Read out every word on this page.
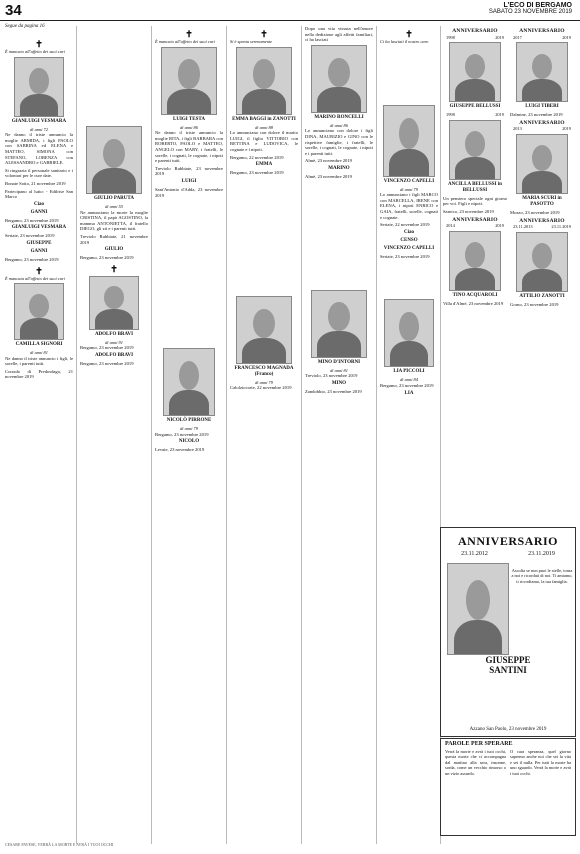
34	L'ECO DI BERGAMO
SABATO 23 NOVEMBRE 2019
Segue da pagina 16
✝

È mancato all'affetto dei suoi cari

GIANLUIGI VESMARA
di anni 72

Ne danno il triste annuncio la moglie ARMIDA, i figli PAOLO con SABRINA ed ELENA e MATTEO, SIMONA con STEFANO, LORENZA con ALESSANDRO e GABRIELE.

Si ringrazia il personale sanitario e i volontari per le cure date.

Bonate Sotto, 21 novembre 2019

Partecipano al lutto: - Edilrise San Marco

Ciao
GANNI

Bergamo, 23 novembre 2019

GIANLUIGI VESMARA

Seriate, 23 novembre 2019

GIUSEPPE
GANNI

Bergamo, 23 novembre 2019

✝

È mancata all'affetto dei suoi cari

CAMILLA SIGNORI
di anni 81

Ne danno il triste annuncio i figli, le sorelle, i parenti tutti.

Corrado di Predosdaga, 21 novembre 2019

GIULIO PARUTA
di anni 55

Ne annunciano la morte la moglie CRISTINA, il papà AGOSTINO, la mamma ANTONIETTA, il fratello DIEGO, gli zii e i parenti tutti.

Treviolo Rubbiate, 21 novembre 2019

GIULIO

Bergamo, 23 novembre 2019

✝
ADOLFO BRAVI
di anni 91

Bergamo, 23 novembre 2019

ADOLFO BRAVI

Bergamo, 23 novembre 2019

✝

È mancato all'affetto dei suoi cari

LUIGI TESTA
di anni 86

Ne danno il triste annuncio la moglie RITA, i figli BARBARA con ROBERTO, PAOLO e MATTEO, ANGELO con MARY, i fratelli, le sorelle, i cognati, le cognate, i nipoti e parenti tutti.

Treviolo Rubbiate, 23 novembre 2019

LUIGI

Sant'Antonio d'Adda, 23 novembre 2019

NICOLÒ PIRRONE
di anni 79

Bergamo, 23 novembre 2019

NICOLO

Levate, 23 novembre 2019

✝

Si è spenta serenamente

EMMA BAGGI in ZANOTTI
di anni 88

Lo annunciano con dolore il marito LUIGI, il figlio VITTORIO con BETTINA e LUDOVICA, le cognate e i nipoti.

Bergamo, 22 novembre 2019

EMMA

Bergamo, 23 novembre 2019

FRANCESCO MAGNADA (Franco)
di anni 79

Calolziocorte, 22 novembre 2019

Dopo una vita vissuta nell'amore nella dedizione agli affetti familiari, ci ha lasciati

MARINO RONCELLI
di anni 86

Lo annunciano con dolore i figli DINA, MAURIZIO e GINO con le rispettive famiglie, i fratelli, le sorelle, i cognati, le cognate, i nipoti e i parenti tutti.

Almè, 23 novembre 2019

MARINO

Almè, 23 novembre 2019

MINO D'INTORNI
di anni 81

Treviolo, 23 novembre 2019

MINO

Zandobbio, 23 novembre 2019

✝

Ci ha lasciati il nostro caro

VINCENZO CAPELLI
di anni 79

Lo annunciano i figli MARCO con MARCELLA, IRENE con ELENA, i nipoti ENRICO e GAIA, fratelli, sorelle, cognati e cognate.

Seriate, 22 novembre 2019

Ciao
CENSO
VINCENZO CAPELLI

Seriate, 23 novembre 2019

LIA PICCOLI
di anni 84

Bergamo, 23 novembre 2019

LIA
ANNIVERSARIO
1998	2019
GIUSEPPE BELLUSSI
1998	2019
ANCILLA BELLUSSI in BELLUSSI

Un pensiero speciale ogni giorno per voi. Figli e nipoti.

Sarnico, 23 novembre 2019

ANNIVERSARIO
2014	2019
TINO ACQUAROLI

Villa d'Almè, 23 novembre 2019

ANNIVERSARIO
2017	2019
LUIGI TIBERI

Dalmine, 23 novembre 2019

ANNIVERSARIO
2013	2019
MARIA SCURI in PASOTTO

Mozzo, 23 novembre 2019

ANNIVERSARIO
23.11.2013	23.11.2019
ATTILIO ZANOTTI

Gorno, 23 novembre 2019

ANNIVERSARIO
23.11.2012	23.11.2019
Ascolta se non puoi le stelle, torna a noi e ricordati di noi. Ti amiamo, ti ricordiamo, la tua famiglia.
GIUSEPPE
SANTINI
Azzano San Paolo, 23 novembre 2019
PAROLE PER SPERARE
Verrà la morte e avrà i tuoi occhi, questa morte che ci accompagna dal mattino alla sera, insonne, sorda, come un vecchio rimorso o un vizio assurdo.
O cara speranza, quel giorno sapremo anche noi che sei la vita e sei il nulla. Per tutti la morte ha uno sguardo. Verrà la morte e avrà i tuoi occhi.
CESARE PAVESE, VERRÀ LA MORTE E AVRÀ I TUOI OCCHI
